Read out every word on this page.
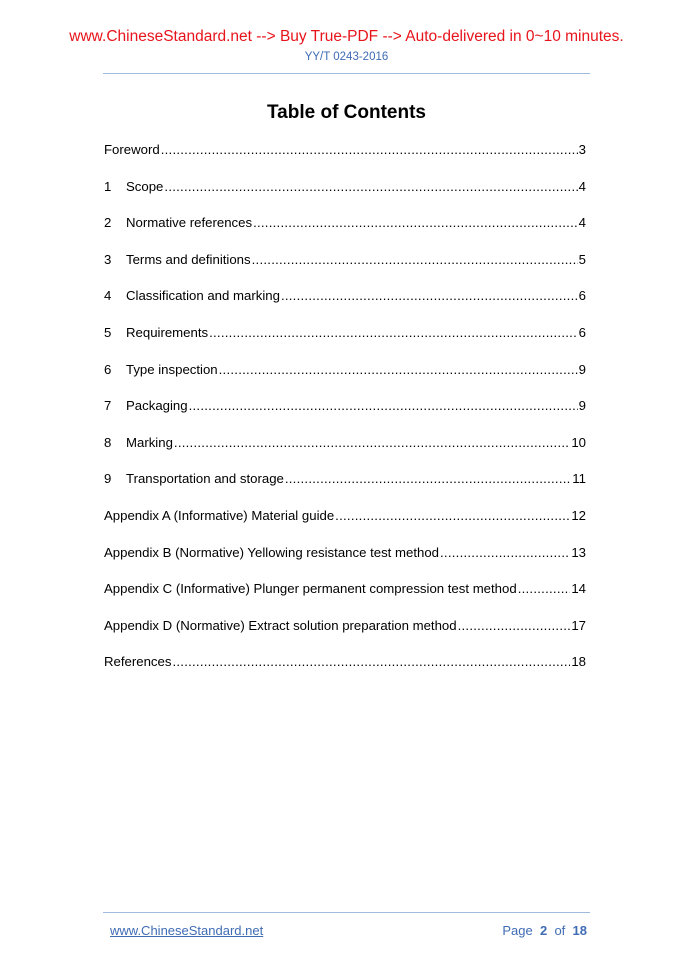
www.ChineseStandard.net --> Buy True-PDF --> Auto-delivered in 0~10 minutes.
YY/T 0243-2016
Table of Contents
Foreword .....	3
1	Scope .....	4
2	Normative references .....	4
3	Terms and definitions .....	5
4	Classification and marking .....	6
5	Requirements .....	6
6	Type inspection .....	9
7	Packaging .....	9
8	Marking .....	10
9	Transportation and storage .....	11
Appendix A (Informative) Material guide .....	12
Appendix B (Normative) Yellowing resistance test method .....	13
Appendix C (Informative) Plunger permanent compression test method .....	14
Appendix D (Normative) Extract solution preparation method .....	17
References .....	18
www.ChineseStandard.net	Page 2 of 18
